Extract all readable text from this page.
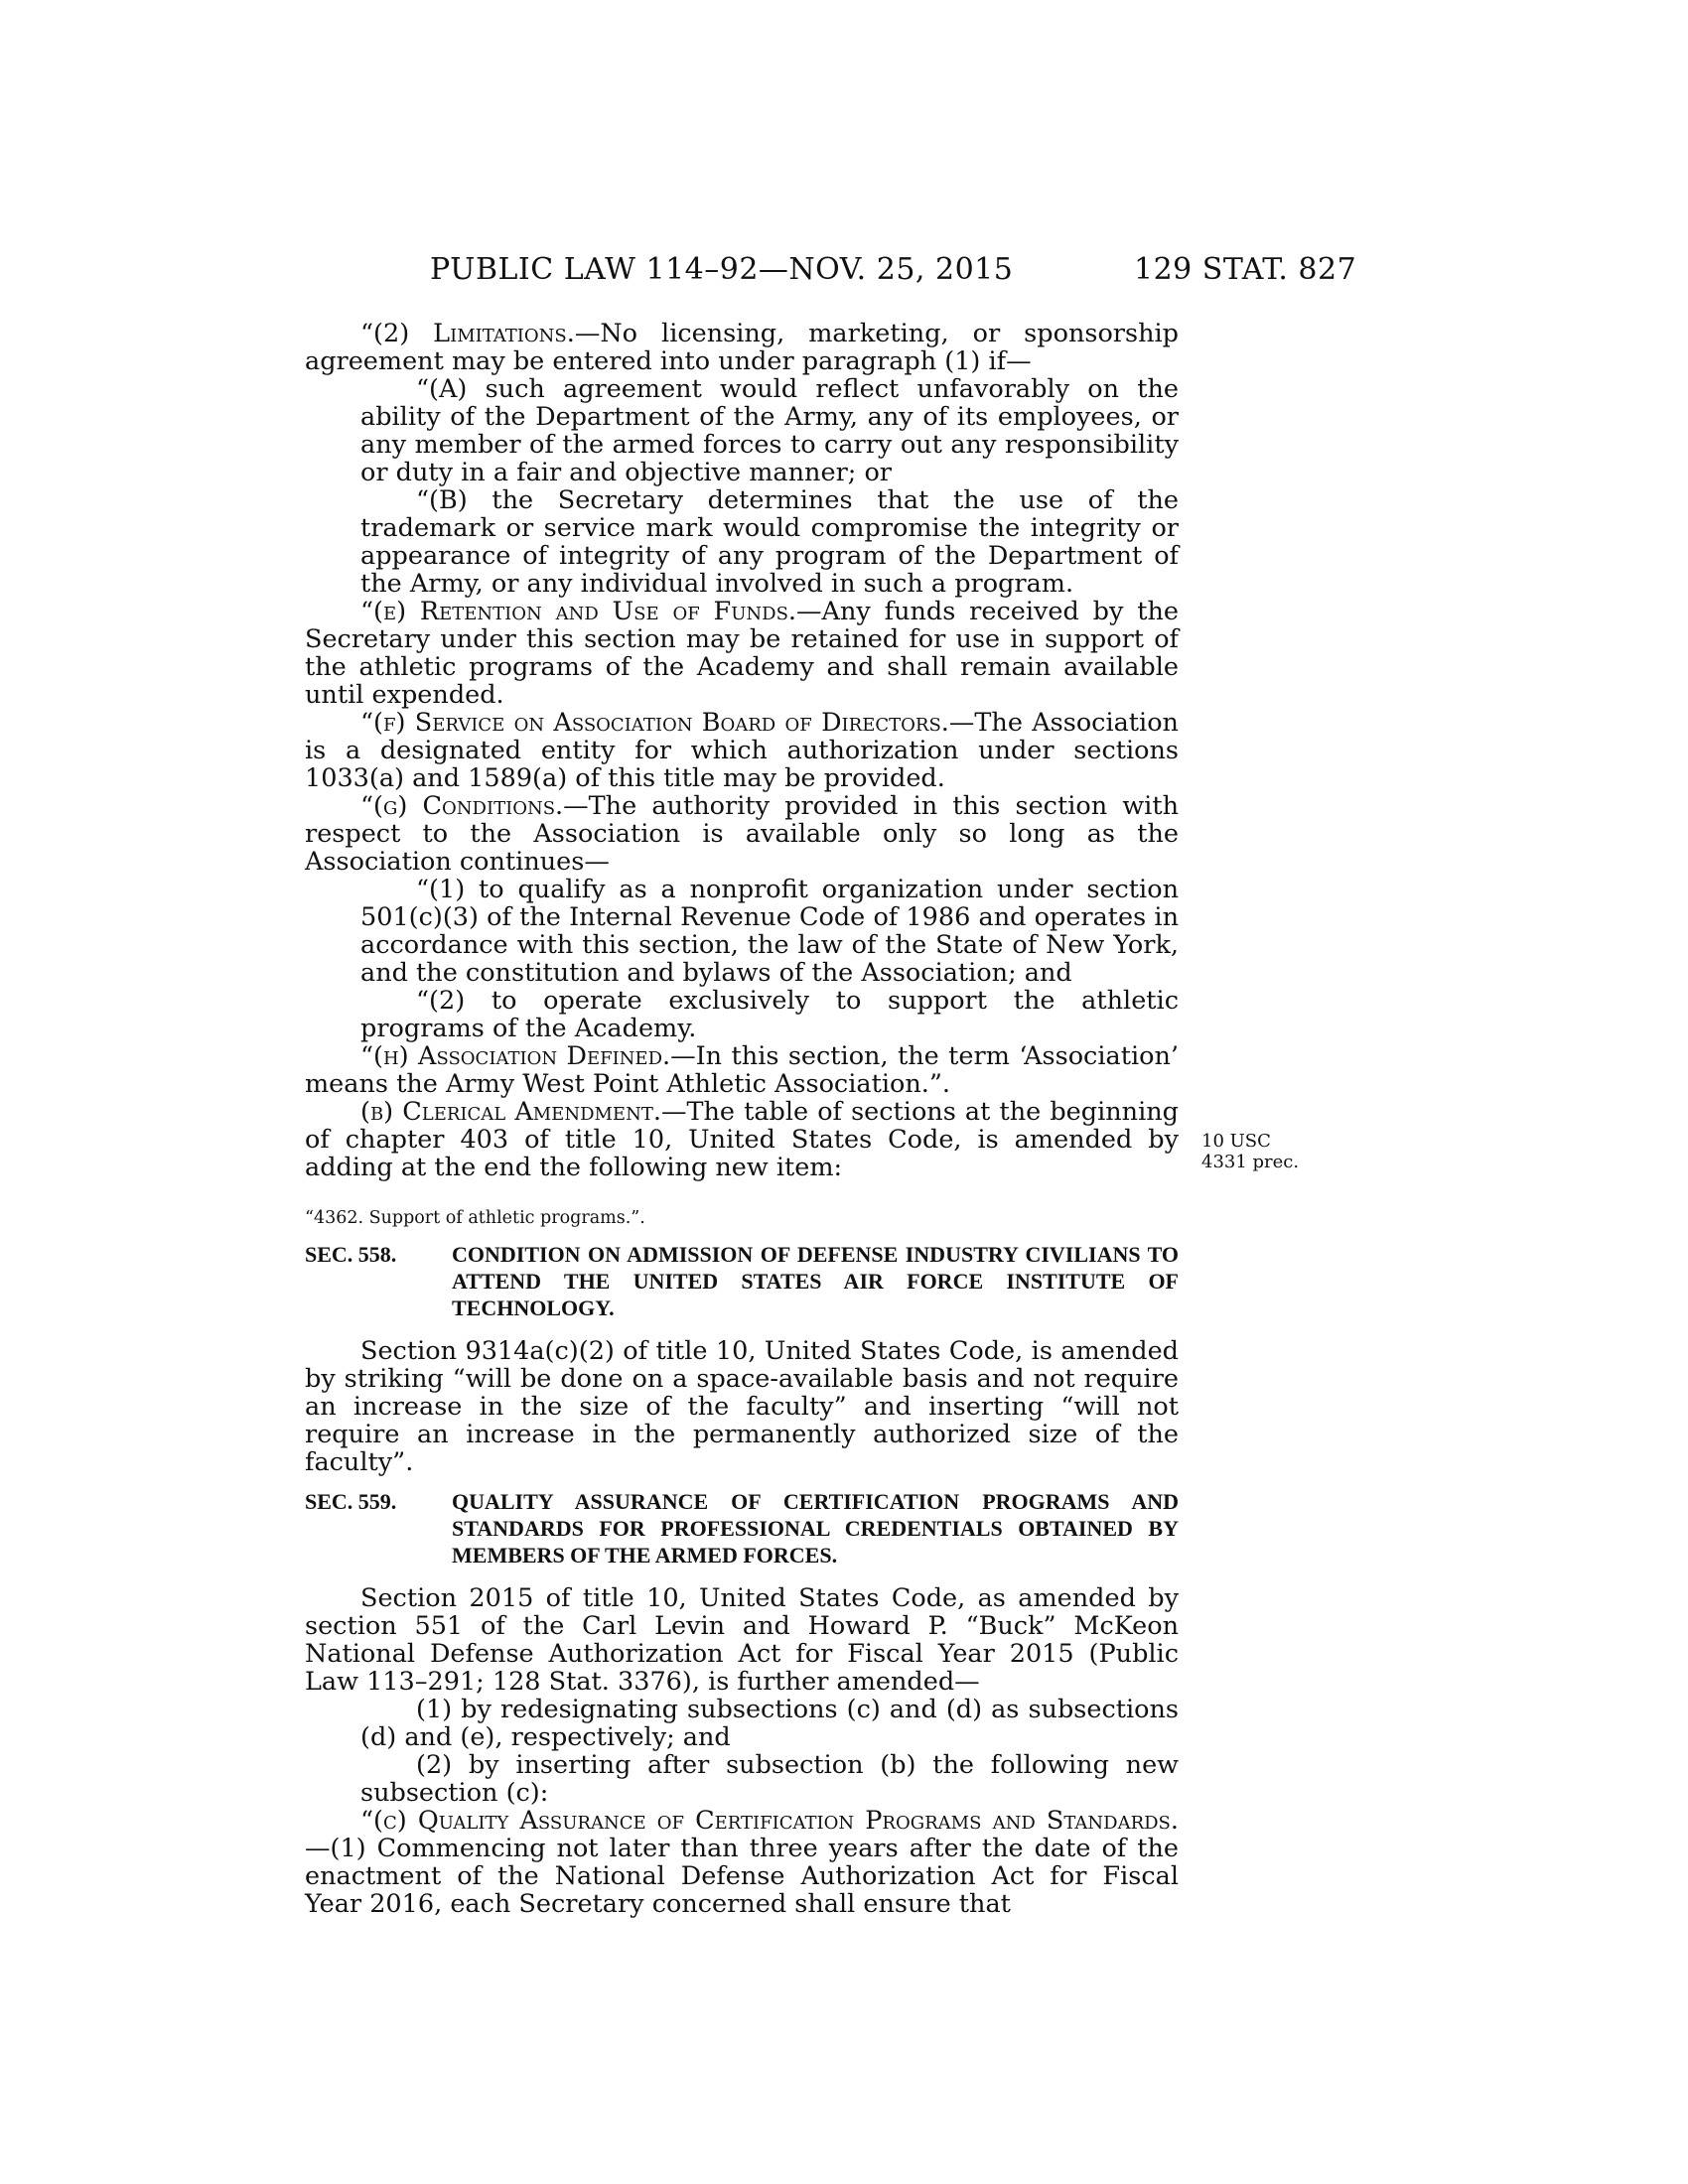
PUBLIC LAW 114–92—NOV. 25, 2015	129 STAT. 827

“(2) Limitations.—No licensing, marketing, or sponsorship agreement may be entered into under paragraph (1) if—

“(A) such agreement would reflect unfavorably on the ability of the Department of the Army, any of its employees, or any member of the armed forces to carry out any responsibility or duty in a fair and objective manner; or

“(B) the Secretary determines that the use of the trademark or service mark would compromise the integrity or appearance of integrity of any program of the Department of the Army, or any individual involved in such a program.

“(e) Retention and Use of Funds.—Any funds received by the Secretary under this section may be retained for use in support of the athletic programs of the Academy and shall remain available until expended.

“(f) Service on Association Board of Directors.—The Association is a designated entity for which authorization under sections 1033(a) and 1589(a) of this title may be provided.

“(g) Conditions.—The authority provided in this section with respect to the Association is available only so long as the Association continues—

“(1) to qualify as a nonprofit organization under section 501(c)(3) of the Internal Revenue Code of 1986 and operates in accordance with this section, the law of the State of New York, and the constitution and bylaws of the Association; and

“(2) to operate exclusively to support the athletic programs of the Academy.

“(h) Association Defined.—In this section, the term ‘Association’ means the Army West Point Athletic Association.”.

(b) Clerical Amendment.—The table of sections at the beginning of chapter 403 of title 10, United States Code, is amended by adding at the end the following new item:

“4362. Support of athletic programs.”.

SEC. 558.	CONDITION ON ADMISSION OF DEFENSE INDUSTRY CIVILIANS TO ATTEND THE UNITED STATES AIR FORCE INSTITUTE OF TECHNOLOGY.

Section 9314a(c)(2) of title 10, United States Code, is amended by striking “will be done on a space-available basis and not require an increase in the size of the faculty” and inserting “will not require an increase in the permanently authorized size of the faculty”.

SEC. 559.	QUALITY ASSURANCE OF CERTIFICATION PROGRAMS AND STANDARDS FOR PROFESSIONAL CREDENTIALS OBTAINED BY MEMBERS OF THE ARMED FORCES.

Section 2015 of title 10, United States Code, as amended by section 551 of the Carl Levin and Howard P. “Buck” McKeon National Defense Authorization Act for Fiscal Year 2015 (Public Law 113–291; 128 Stat. 3376), is further amended—

(1) by redesignating subsections (c) and (d) as subsections (d) and (e), respectively; and

(2) by inserting after subsection (b) the following new subsection (c):

“(c) Quality Assurance of Certification Programs and Standards.—(1) Commencing not later than three years after the date of the enactment of the National Defense Authorization Act for Fiscal Year 2016, each Secretary concerned shall ensure that

10 USC
4331 prec.
